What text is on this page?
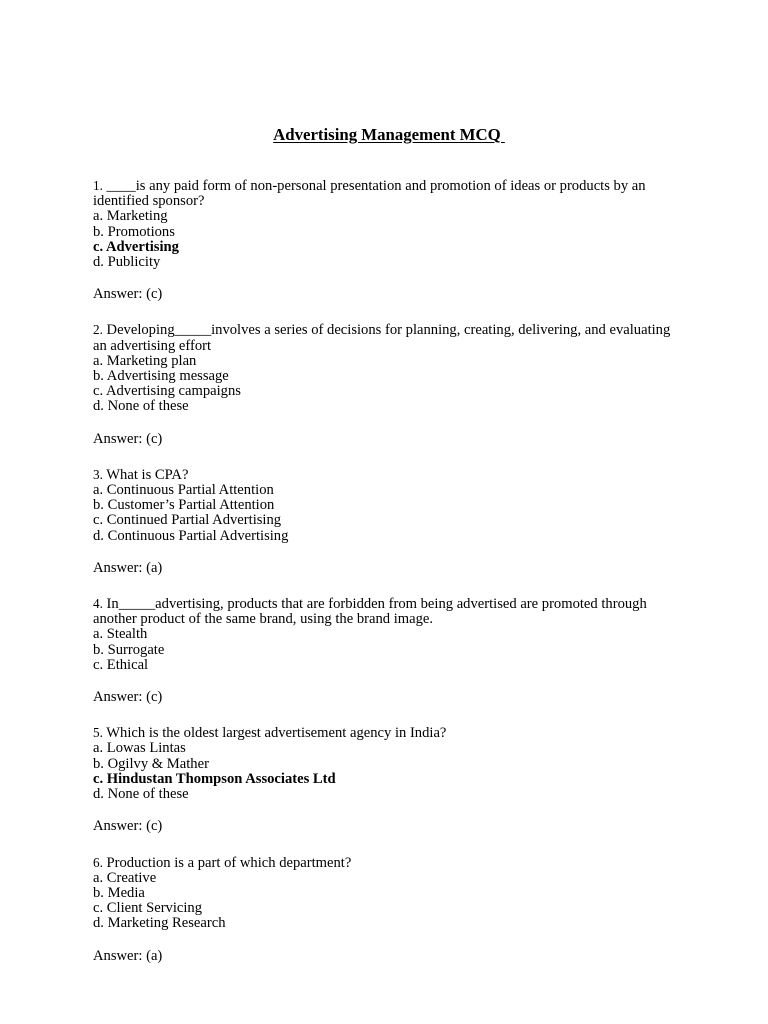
Advertising Management MCQ
1. ____is any paid form of non-personal presentation and promotion of ideas or products by an identified sponsor?
a. Marketing
b. Promotions
c. Advertising
d. Publicity
Answer: (c)
2. Developing_____involves a series of decisions for planning, creating, delivering, and evaluating an advertising effort
a. Marketing plan
b. Advertising message
c. Advertising campaigns
d. None of these
Answer: (c)
3. What is CPA?
a. Continuous Partial Attention
b. Customer’s Partial Attention
c. Continued Partial Advertising
d. Continuous Partial Advertising
Answer: (a)
4. In_____advertising, products that are forbidden from being advertised are promoted through another product of the same brand, using the brand image.
a. Stealth
b. Surrogate
c. Ethical
Answer: (c)
5. Which is the oldest largest advertisement agency in India?
a. Lowas Lintas
b. Ogilvy & Mather
c. Hindustan Thompson Associates Ltd
d. None of these
Answer: (c)
6. Production is a part of which department?
a. Creative
b. Media
c. Client Servicing
d. Marketing Research
Answer: (a)
